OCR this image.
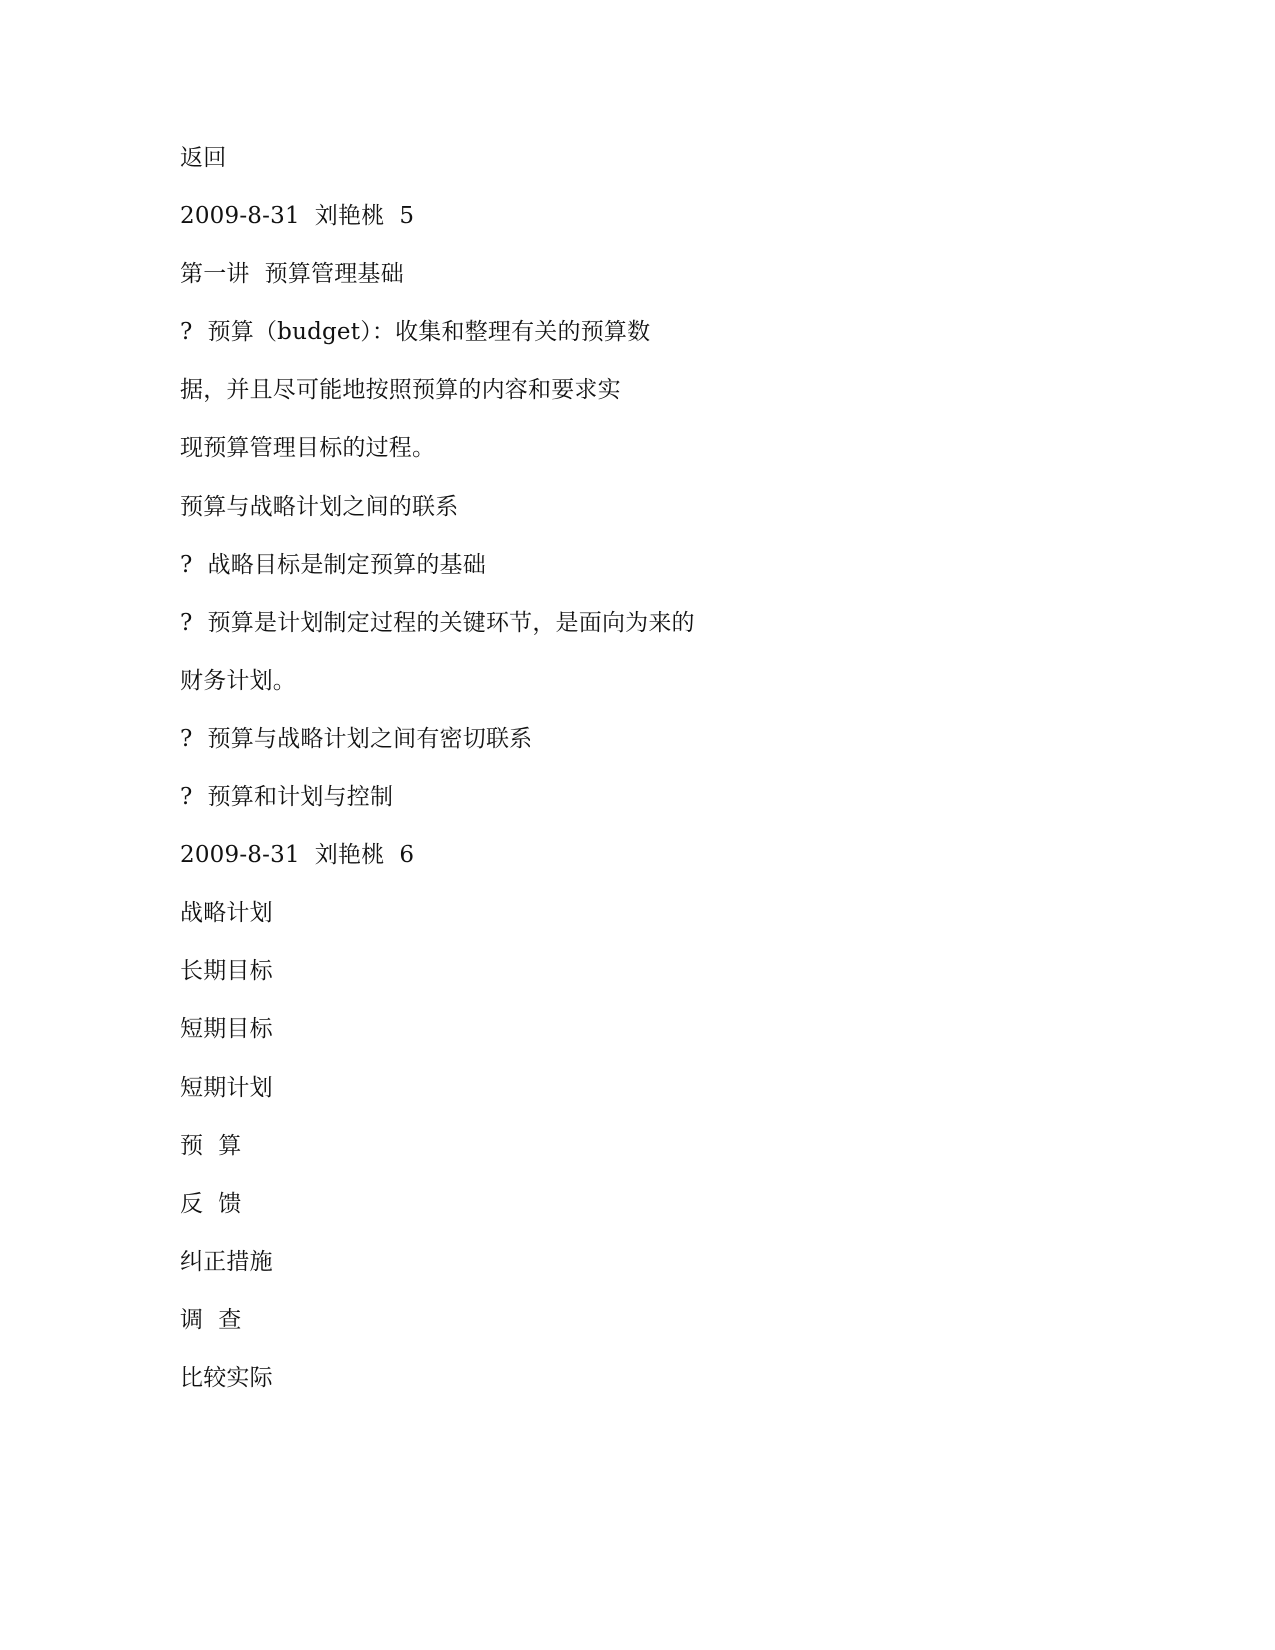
返回
2009-8-31  刘艳桃  5
第一讲  预算管理基础
?  预算（budget）：收集和整理有关的预算数
据，并且尽可能地按照预算的内容和要求实
现预算管理目标的过程。
预算与战略计划之间的联系
?  战略目标是制定预算的基础
?  预算是计划制定过程的关键环节，是面向为来的
财务计划。
?  预算与战略计划之间有密切联系
?  预算和计划与控制
2009-8-31  刘艳桃  6
战略计划
长期目标
短期目标
短期计划
预  算
反  馈
纠正措施
调  查
比较实际
